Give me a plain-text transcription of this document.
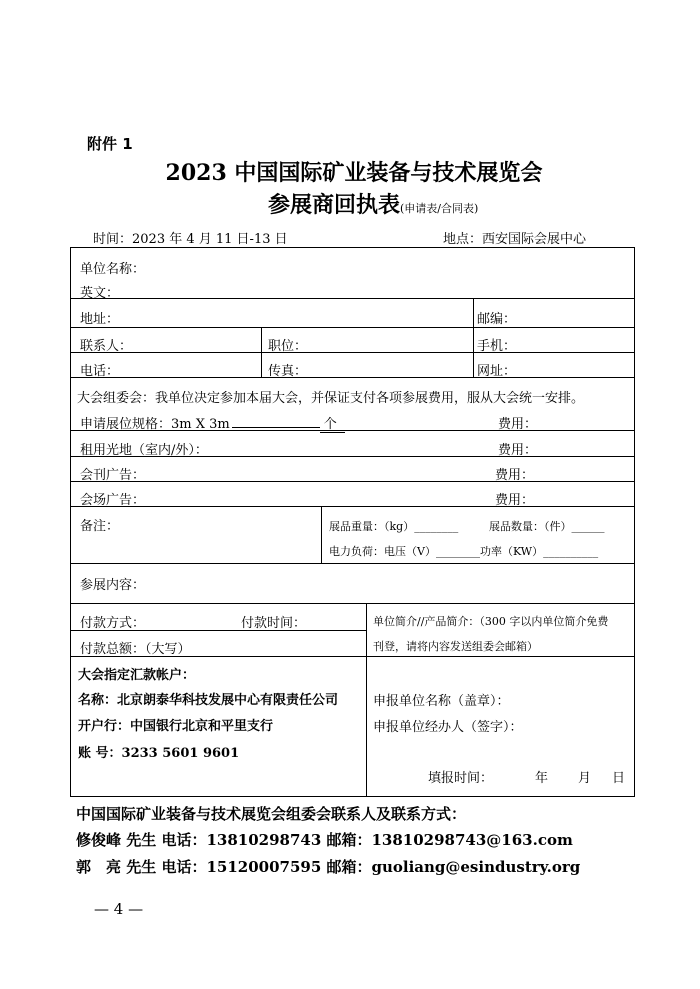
附件 1
2023 中国国际矿业装备与技术展览会
参展商回执表(申请表/合同表)
时间：2023 年 4 月 11 日-13 日	地点：西安国际会展中心
单位名称：
英文：
地址：	邮编：
联系人：	职位：	手机：
电话：	传真：	网址：
大会组委会：我单位决定参加本届大会，并保证支付各项参展费用，服从大会统一安排。
申请展位规格：3m X 3m	个	费用：
租用光地（室内/外）：	费用：
会刊广告：	费用：
会场广告：	费用：
备注：	展品重量：（kg）________	展品数量：（件）______
电力负荷：电压（V）________功率（KW）__________
参展内容：
付款方式：	付款时间：	单位简介//产品简介：（300 字以内单位简介免费
刊登，请将内容发送组委会邮箱）
付款总额：（大写）
大会指定汇款帐户：
名称：北京朗泰华科技发展中心有限责任公司
开户行：中国银行北京和平里支行
账 号：3233 5601 9601
申报单位名称（盖章）：
申报单位经办人（签字）：
填报时间：	年 月 日
中国国际矿业装备与技术展览会组委会联系人及联系方式：
修俊峰 先生 电话：13810298743 邮箱：13810298743@163.com
郭　亮 先生 电话：15120007595 邮箱：guoliang@esindustry.org
— 4 —
